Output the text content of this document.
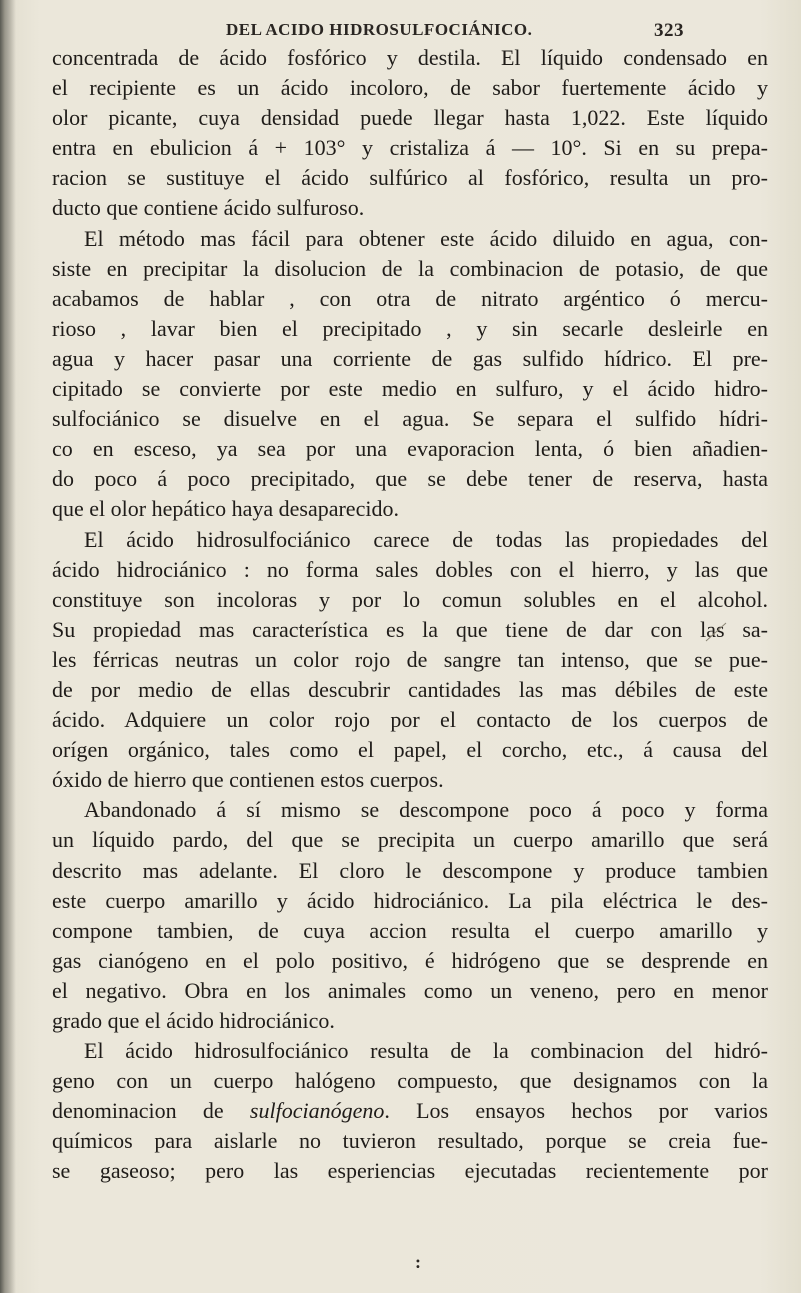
DEL ACIDO HIDROSULFOCIÁNICO.	323
concentrada de ácido fosfórico y destila. El líquido condensado en
el recipiente es un ácido incoloro, de sabor fuertemente ácido y
olor picante, cuya densidad puede llegar hasta 1,022. Este líquido
entra en ebulicion á + 103° y cristaliza á — 10°. Si en su prepa-
racion se sustituye el ácido sulfúrico al fosfórico, resulta un pro-
ducto que contiene ácido sulfuroso.
El método mas fácil para obtener este ácido diluido en agua, con-
siste en precipitar la disolucion de la combinacion de potasio, de que
acabamos de hablar , con otra de nitrato argéntico ó mercu-
rioso , lavar bien el precipitado , y sin secarle desleirle en
agua y hacer pasar una corriente de gas sulfido hídrico. El pre-
cipitado se convierte por este medio en sulfuro, y el ácido hidro-
sulfociánico se disuelve en el agua. Se separa el sulfido hídri-
co en esceso, ya sea por una evaporacion lenta, ó bien añadien-
do poco á poco precipitado, que se debe tener de reserva, hasta
que el olor hepático haya desaparecido.
El ácido hidrosulfociánico carece de todas las propiedades del
ácido hidrociánico : no forma sales dobles con el hierro, y las que
constituye son incoloras y por lo comun solubles en el alcohol.
Su propiedad mas característica es la que tiene de dar con las sa-
les férricas neutras un color rojo de sangre tan intenso, que se pue-
de por medio de ellas descubrir cantidades las mas débiles de este
ácido. Adquiere un color rojo por el contacto de los cuerpos de
orígen orgánico, tales como el papel, el corcho, etc., á causa del
óxido de hierro que contienen estos cuerpos.
Abandonado á sí mismo se descompone poco á poco y forma
un líquido pardo, del que se precipita un cuerpo amarillo que será
descrito mas adelante. El cloro le descompone y produce tambien
este cuerpo amarillo y ácido hidrociánico. La pila eléctrica le des-
compone tambien, de cuya accion resulta el cuerpo amarillo y
gas cianógeno en el polo positivo, é hidrógeno que se desprende en
el negativo. Obra en los animales como un veneno, pero en menor
grado que el ácido hidrociánico.
El ácido hidrosulfociánico resulta de la combinacion del hidró-
geno con un cuerpo halógeno compuesto, que designamos con la
denominacion de sulfocianógeno. Los ensayos hechos por varios
químicos para aislarle no tuvieron resultado, porque se creia fue-
se gaseoso; pero las esperiencias ejecutadas recientemente por
:
